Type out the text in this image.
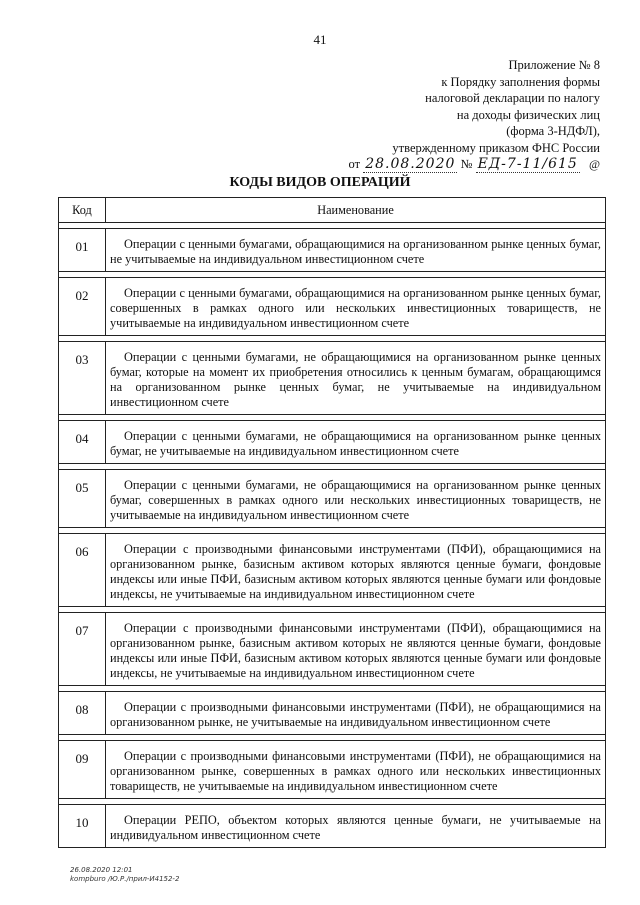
41
Приложение № 8
к Порядку заполнения формы
налоговой декларации по налогу
на доходы физических лиц
(форма 3-НДФЛ),
утвержденному приказом ФНС России
от 28.08.2020 № ЕД-7-11/615 @
КОДЫ ВИДОВ ОПЕРАЦИЙ
Код	Наименование

01	Операции с ценными бумагами, обращающимися на организованном рынке ценных бумаг, не учитываемые на индивидуальном инвестиционном счете

02	Операции с ценными бумагами, обращающимися на организованном рынке ценных бумаг, совершенных в рамках одного или нескольких инвестиционных товариществ, не учитываемые на индивидуальном инвестиционном счете

03	Операции с ценными бумагами, не обращающимися на организованном рынке ценных бумаг, которые на момент их приобретения относились к ценным бумагам, обращающимся на организованном рынке ценных бумаг, не учитываемые на индивидуальном инвестиционном счете

04	Операции с ценными бумагами, не обращающимися на организованном рынке ценных бумаг, не учитываемые на индивидуальном инвестиционном счете

05	Операции с ценными бумагами, не обращающимися на организованном рынке ценных бумаг, совершенных в рамках одного или нескольких инвестиционных товариществ, не учитываемые на индивидуальном инвестиционном счете

06	Операции с производными финансовыми инструментами (ПФИ), обращающимися на организованном рынке, базисным активом которых являются ценные бумаги, фондовые индексы или иные ПФИ, базисным активом которых являются ценные бумаги или фондовые индексы, не учитываемые на индивидуальном инвестиционном счете

07	Операции с производными финансовыми инструментами (ПФИ), обращающимися на организованном рынке, базисным активом которых не являются ценные бумаги, фондовые индексы или иные ПФИ, базисным активом которых являются ценные бумаги или фондовые индексы, не учитываемые на индивидуальном инвестиционном счете

08	Операции с производными финансовыми инструментами (ПФИ), не обращающимися на организованном рынке, не учитываемые на индивидуальном инвестиционном счете

09	Операции с производными финансовыми инструментами (ПФИ), не обращающимися на организованном рынке, совершенных в рамках одного или нескольких инвестиционных товариществ, не учитываемые на индивидуальном инвестиционном счете

10	Операции РЕПО, объектом которых являются ценные бумаги, не учитываемые на индивидуальном инвестиционном счете
26.08.2020 12:01
kompburo /Ю.Р./прил-И4152-2
